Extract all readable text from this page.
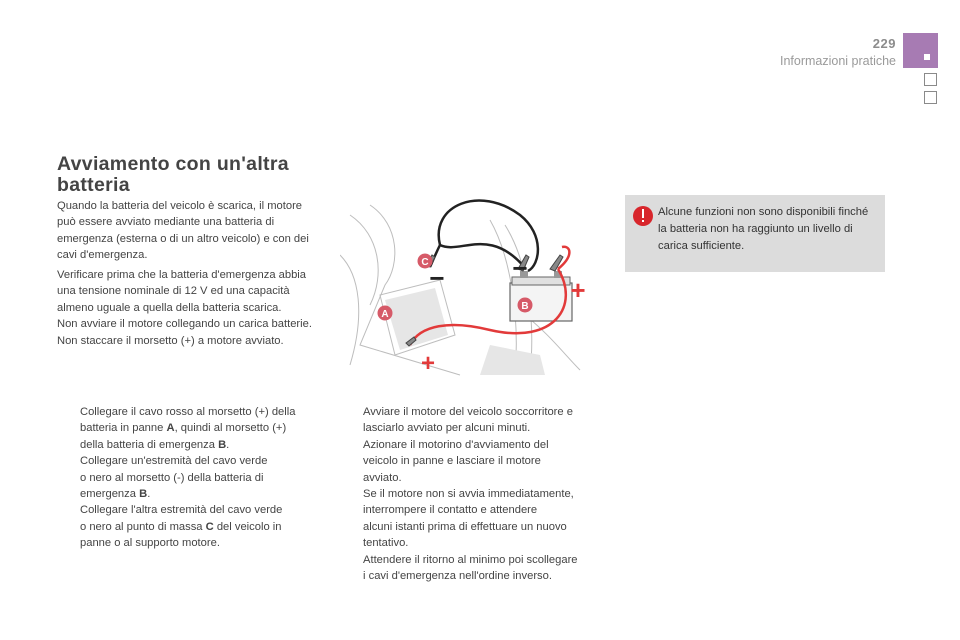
229
Informazioni pratiche
Avviamento con un'altra batteria

Quando la batteria del veicolo è scarica, il motore può essere avviato mediante una batteria di emergenza (esterna o di un altro veicolo) e con dei cavi d'emergenza.

Verificare prima che la batteria d'emergenza abbia una tensione nominale di 12 V ed una capacità almeno uguale a quella della batteria scarica.
Non avviare il motore collegando un carica batterie.
Non staccare il morsetto (+) a motore avviato.

C
B
A
+
+
−	−
Alcune funzioni non sono disponibili finché la batteria non ha raggiunto un livello di carica sufficiente.
Collegare il cavo rosso al morsetto (+) della
batteria in panne A, quindi al morsetto (+)
della batteria di emergenza B.
Collegare un'estremità del cavo verde
o nero al morsetto (-) della batteria di
emergenza B.
Collegare l'altra estremità del cavo verde
o nero al punto di massa C del veicolo in
panne o al supporto motore.
Avviare il motore del veicolo soccorritore e
lasciarlo avviato per alcuni minuti.
Azionare il motorino d'avviamento del
veicolo in panne e lasciare il motore
avviato.
Se il motore non si avvia immediatamente,
interrompere il contatto e attendere
alcuni istanti prima di effettuare un nuovo
tentativo.
Attendere il ritorno al minimo poi scollegare
i cavi d'emergenza nell'ordine inverso.
